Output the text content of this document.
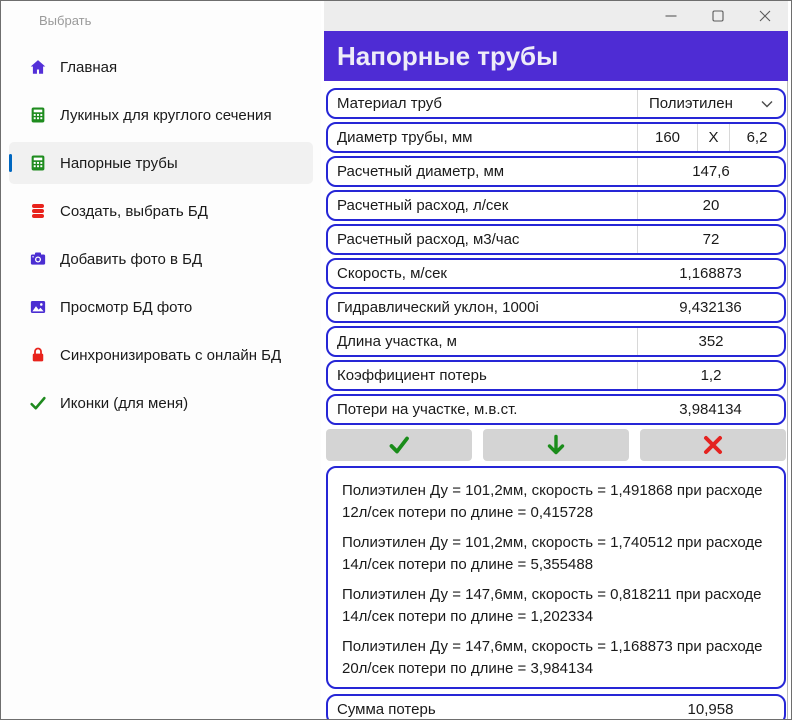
Выбрать
Главная
Лукиных для круглого сечения
Напорные трубы
Создать, выбрать БД
Добавить фото в БД
Просмотр БД фото
Синхронизировать с онлайн БД
Иконки (для меня)
Напорные трубы
Материал труб	Полиэтилен
Диаметр трубы, мм	160	X	6,2
Расчетный диаметр, мм	147,6
Расчетный расход, л/сек	20
Расчетный расход, м3/час	72
Скорость, м/сек	1,168873
Гидравлический уклон, 1000i	9,432136
Длина участка, м	352
Коэффициент потерь	1,2
Потери на участке, м.в.ст.	3,984134

Полиэтилен Ду = 101,2мм, скорость = 1,491868 при расходе 12л/сек потери по длине = 0,415728

Полиэтилен Ду = 101,2мм, скорость = 1,740512 при расходе 14л/сек потери по длине = 5,355488

Полиэтилен Ду = 147,6мм, скорость = 0,818211 при расходе 14л/сек потери по длине = 1,202334

Полиэтилен Ду = 147,6мм, скорость = 1,168873 при расходе 20л/сек потери по длине = 3,984134

Сумма потерь	10,958
